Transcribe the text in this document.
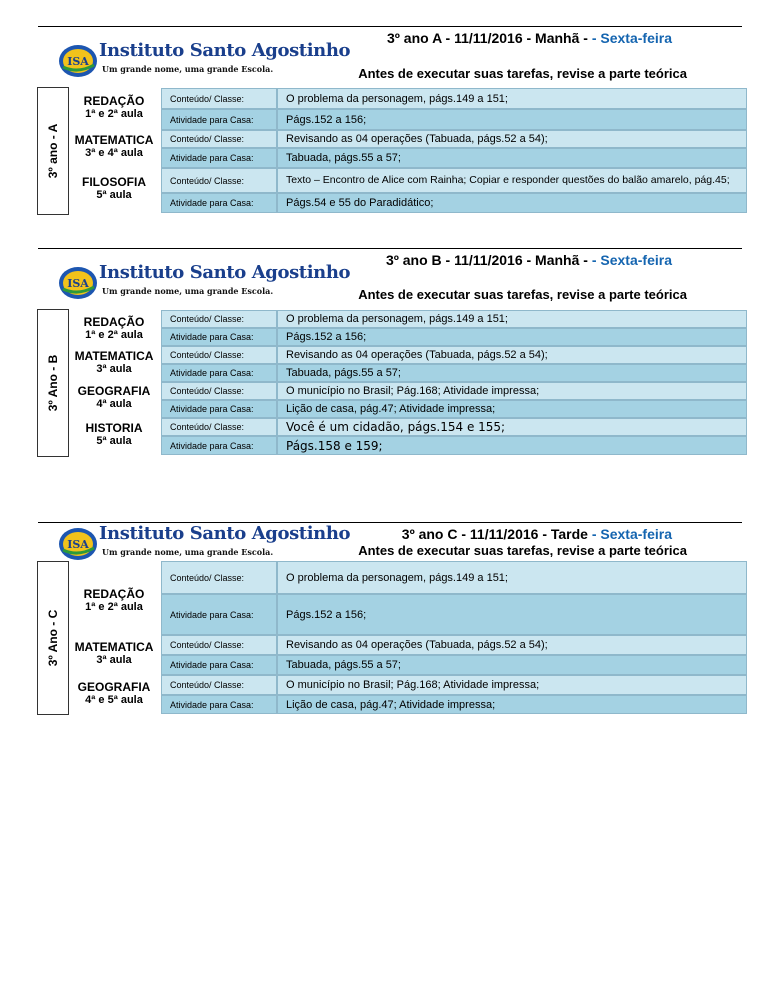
3º ano A - 11/11/2016 - Manhã - - Sexta-feira
ISA
Instituto Santo Agostinho
Um grande nome, uma grande Escola.	Antes de executar suas tarefas, revise a parte teórica
3º ano - A
REDAÇÃO
1ª e 2ª aula
Conteúdo/ Classe:	O problema da personagem, págs.149 a 151;
Atividade para Casa:	Págs.152 a 156;
MATEMATICA
3ª e 4ª aula
Conteúdo/ Classe:	Revisando as 04 operações (Tabuada, págs.52 a 54);
Atividade para Casa:	Tabuada, págs.55 a 57;
FILOSOFIA
5ª aula
Conteúdo/ Classe:	Texto – Encontro de Alice com Rainha; Copiar e responder questões do balão amarelo, pág.45;
Atividade para Casa:	Págs.54 e 55 do Paradidático;
3º ano B - 11/11/2016 - Manhã - - Sexta-feira
ISA
Instituto Santo Agostinho
Um grande nome, uma grande Escola.	Antes de executar suas tarefas, revise a parte teórica
3º Ano - B
REDAÇÃO
1ª e 2ª aula
Conteúdo/ Classe:	O problema da personagem, págs.149 a 151;
Atividade para Casa:	Págs.152 a 156;
MATEMATICA
3ª aula
Conteúdo/ Classe:	Revisando as 04 operações (Tabuada, págs.52 a 54);
Atividade para Casa:	Tabuada, págs.55 a 57;
GEOGRAFIA
4ª aula
Conteúdo/ Classe:	O município no Brasil; Pág.168; Atividade impressa;
Atividade para Casa:	Lição de casa, pág.47; Atividade impressa;
HISTORIA
5ª aula
Conteúdo/ Classe:	Você é um cidadão, págs.154 e 155;
Atividade para Casa:	Págs.158 e 159;
3º ano C - 11/11/2016 - Tarde - Sexta-feira
ISA
Instituto Santo Agostinho
Um grande nome, uma grande Escola.	Antes de executar suas tarefas, revise a parte teórica
3º Ano - C
REDAÇÃO
1ª e 2ª aula
Conteúdo/ Classe:	O problema da personagem, págs.149 a 151;
Atividade para Casa:	Págs.152 a 156;
MATEMATICA
3ª aula
Conteúdo/ Classe:	Revisando as 04 operações (Tabuada, págs.52 a 54);
Atividade para Casa:	Tabuada, págs.55 a 57;
GEOGRAFIA
4ª e 5ª aula
Conteúdo/ Classe:	O município no Brasil; Pág.168; Atividade impressa;
Atividade para Casa:	Lição de casa, pág.47; Atividade impressa;
